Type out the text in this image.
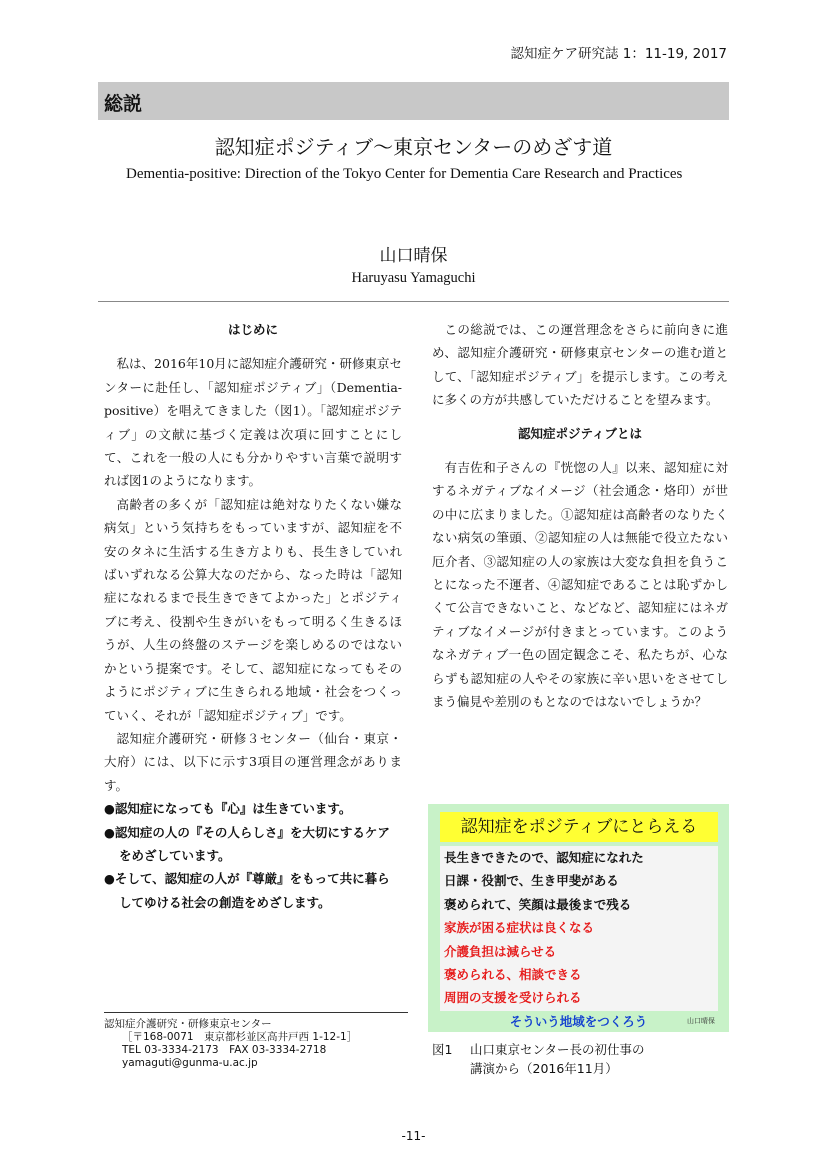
認知症ケア研究誌 1：11-19, 2017
総説
認知症ポジティブ～東京センターのめざす道
Dementia-positive: Direction of the Tokyo Center for Dementia Care Research and Practices
山口晴保
Haruyasu Yamaguchi
はじめに

私は、2016年10月に認知症介護研究・研修東京センターに赴任し、「認知症ポジティブ」（Dementia-positive）を唱えてきました（図1）。「認知症ポジティブ」の文献に基づく定義は次項に回すことにして、これを一般の人にも分かりやすい言葉で説明すれば図1のようになります。

高齢者の多くが「認知症は絶対なりたくない嫌な病気」という気持ちをもっていますが、認知症を不安のタネに生活する生き方よりも、長生きしていればいずれなる公算大なのだから、なった時は「認知症になれるまで長生きできてよかった」とポジティブに考え、役割や生きがいをもって明るく生きるほうが、人生の終盤のステージを楽しめるのではないかという提案です。そして、認知症になってもそのようにポジティブに生きられる地域・社会をつくっていく、それが「認知症ポジティブ」です。

認知症介護研究・研修３センター（仙台・東京・大府）には、以下に示す3項目の運営理念があります。

●認知症になっても『心』は生きています。
●認知症の人の『その人らしさ』を大切にするケアをめざしています。
●そして、認知症の人が『尊厳』をもって共に暮らしてゆける社会の創造をめざします。
認知症介護研究・研修東京センター
［〒168-0071　東京都杉並区高井戸西 1-12-1］
TEL 03-3334-2173　FAX 03-3334-2718
yamaguti@gunma-u.ac.jp

この総説では、この運営理念をさらに前向きに進め、認知症介護研究・研修東京センターの進む道として、「認知症ポジティブ」を提示します。この考えに多くの方が共感していただけることを望みます。

認知症ポジティブとは

有吉佐和子さんの『恍惚の人』以来、認知症に対するネガティブなイメージ（社会通念・烙印）が世の中に広まりました。①認知症は高齢者のなりたくない病気の筆頭、②認知症の人は無能で役立たない厄介者、③認知症の人の家族は大変な負担を負うことになった不運者、④認知症であることは恥ずかしくて公言できないこと、などなど、認知症にはネガティブなイメージが付きまとっています。このようなネガティブ一色の固定観念こそ、私たちが、心ならずも認知症の人やその家族に辛い思いをさせてしまう偏見や差別のもとなのではないでしょうか？

認知症をポジティブにとらえる
長生きできたので、認知症になれた
日課・役割で、生き甲斐がある
褒められて、笑顔は最後まで残る
家族が困る症状は良くなる
介護負担は減らせる
褒められる、相談できる
周囲の支援を受けられる
そういう地域をつくろう	山口晴保
図1 山口東京センター長の初仕事の
講演から（2016年11月）
-11-
